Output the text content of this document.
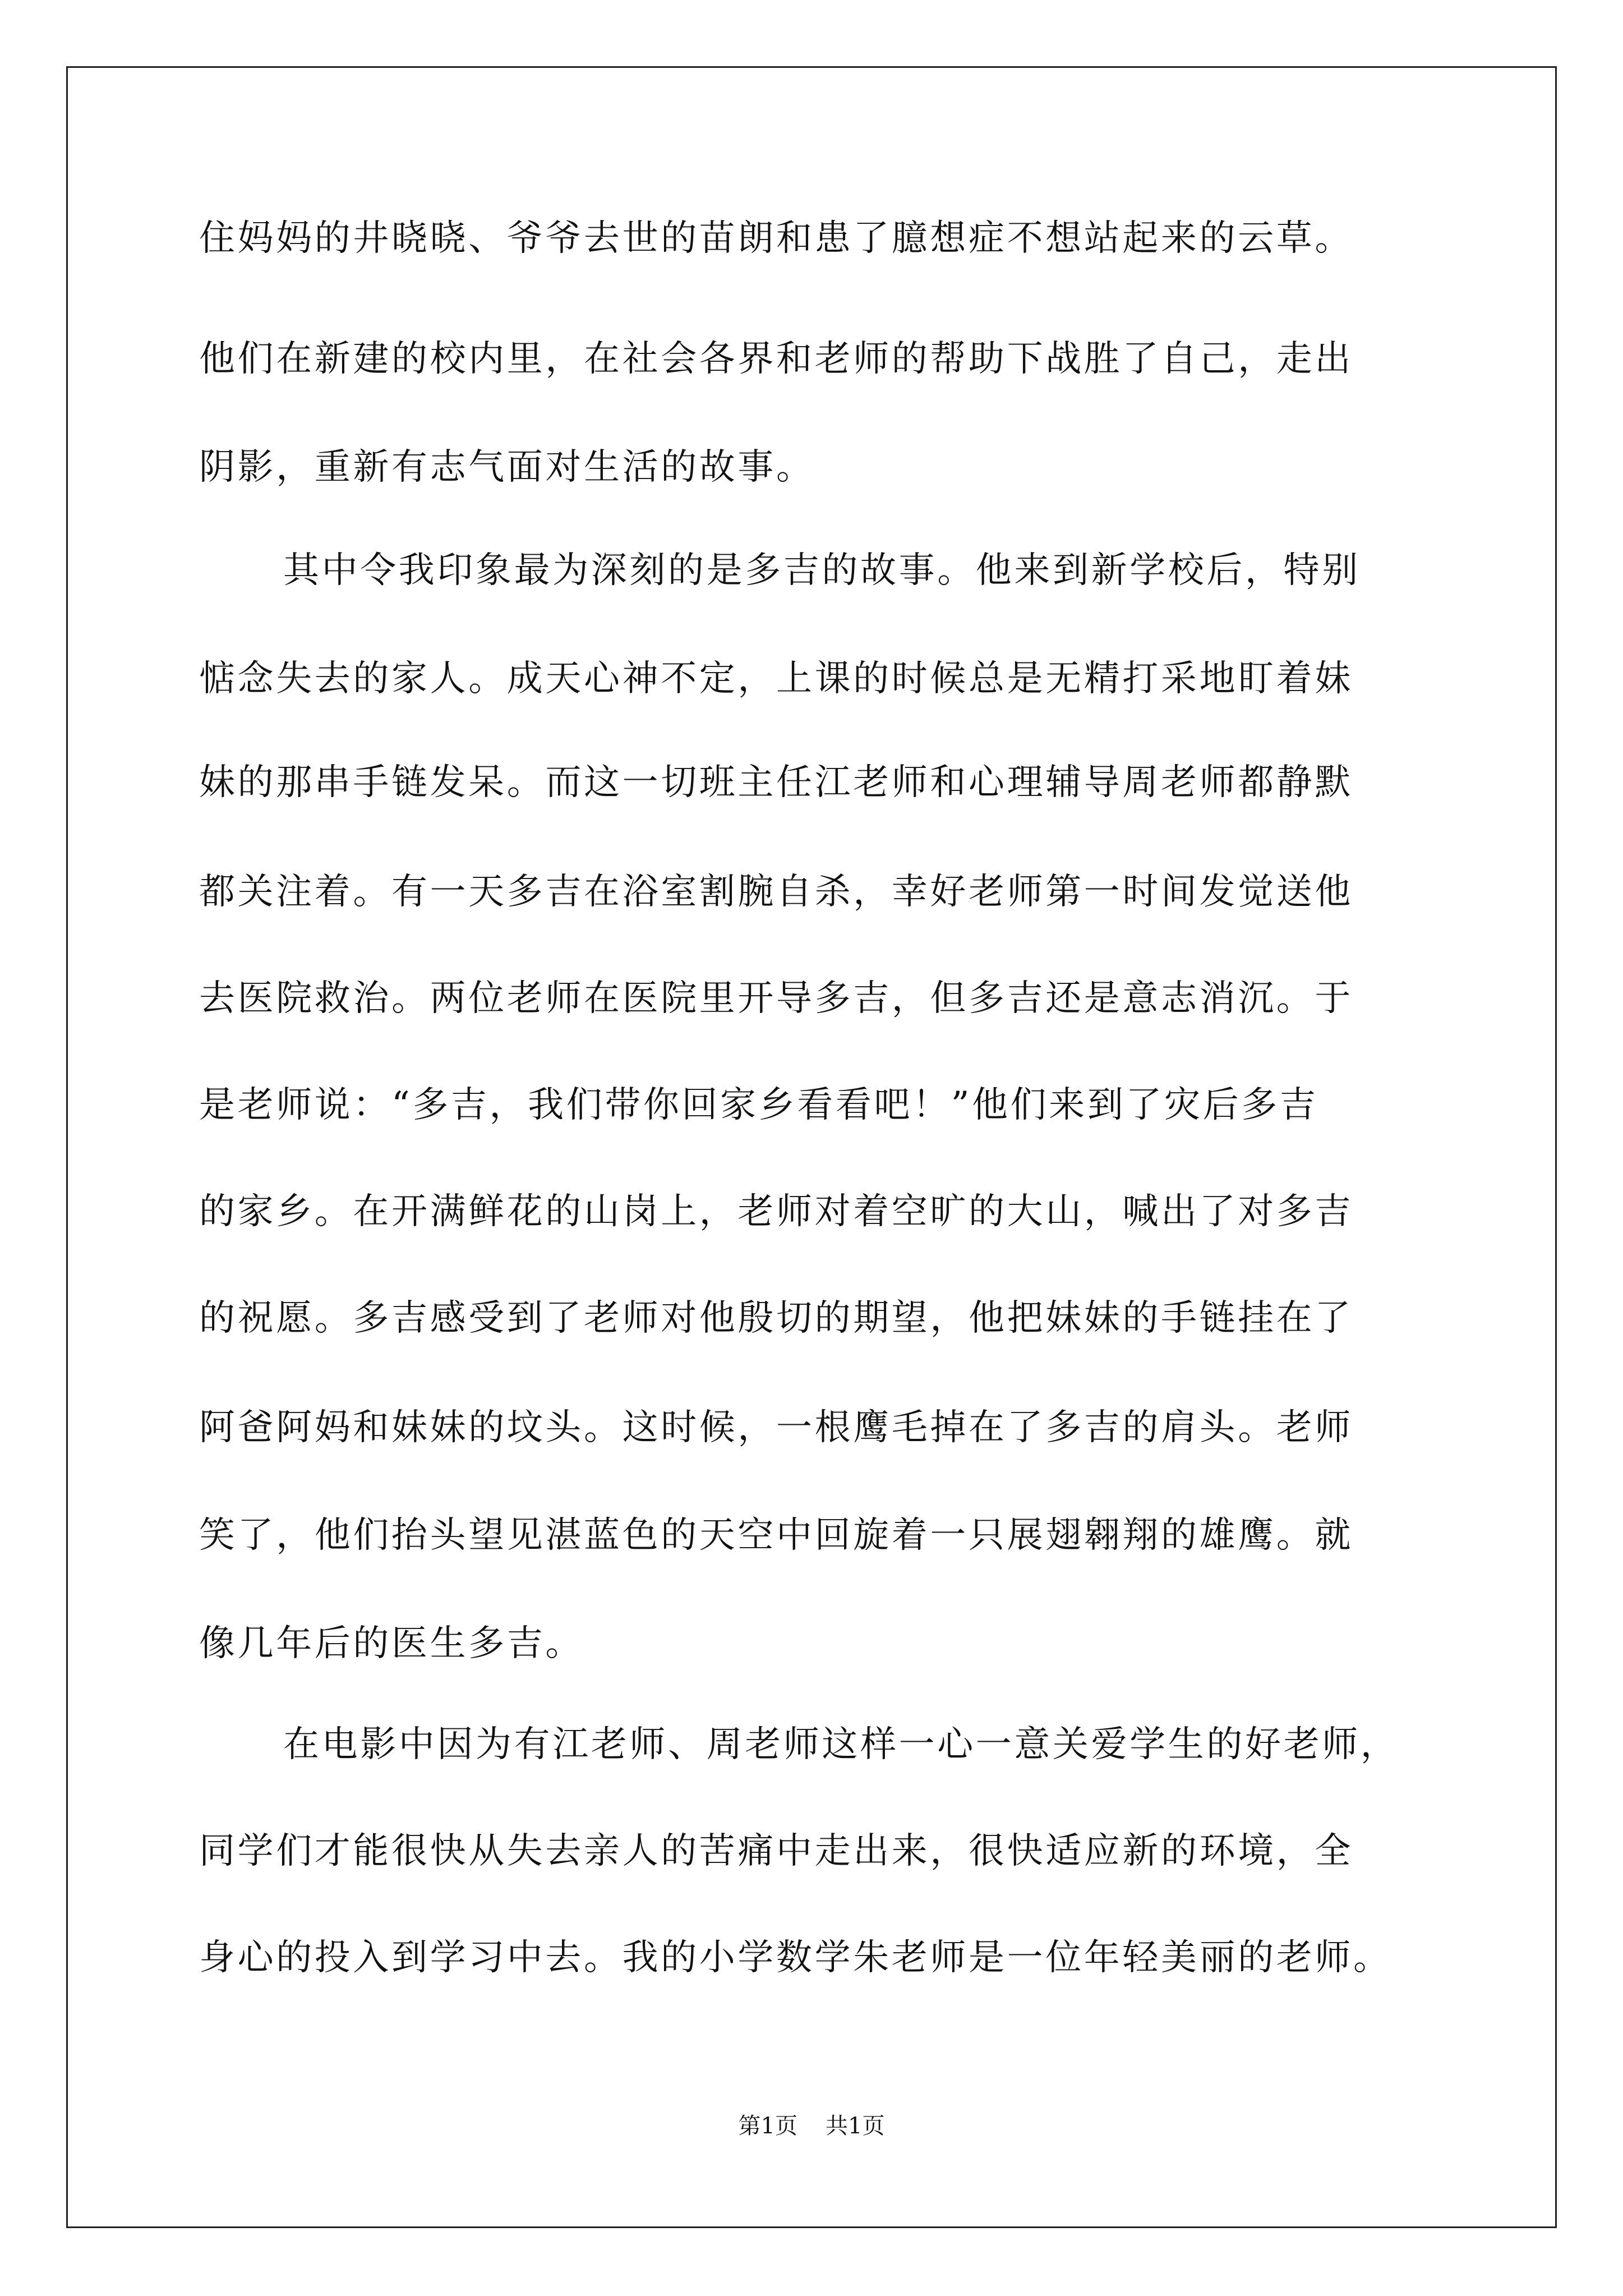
住妈妈的井晓晓、爷爷去世的苗朗和患了臆想症不想站起来的云草。
他们在新建的校内里，在社会各界和老师的帮助下战胜了自己，走出
阴影，重新有志气面对生活的故事。
其中令我印象最为深刻的是多吉的故事。他来到新学校后，特别
惦念失去的家人。成天心神不定，上课的时候总是无精打采地盯着妹
妹的那串手链发呆。而这一切班主任江老师和心理辅导周老师都静默
都关注着。有一天多吉在浴室割腕自杀，幸好老师第一时间发觉送他
去医院救治。两位老师在医院里开导多吉，但多吉还是意志消沉。于
是老师说：“多吉，我们带你回家乡看看吧！”他们来到了灾后多吉
的家乡。在开满鲜花的山岗上，老师对着空旷的大山，喊出了对多吉
的祝愿。多吉感受到了老师对他殷切的期望，他把妹妹的手链挂在了
阿爸阿妈和妹妹的坟头。这时候，一根鹰毛掉在了多吉的肩头。老师
笑了，他们抬头望见湛蓝色的天空中回旋着一只展翅翱翔的雄鹰。就
像几年后的医生多吉。
在电影中因为有江老师、周老师这样一心一意关爱学生的好老师，
同学们才能很快从失去亲人的苦痛中走出来，很快适应新的环境，全
身心的投入到学习中去。我的小学数学朱老师是一位年轻美丽的老师。
第1页 共1页
